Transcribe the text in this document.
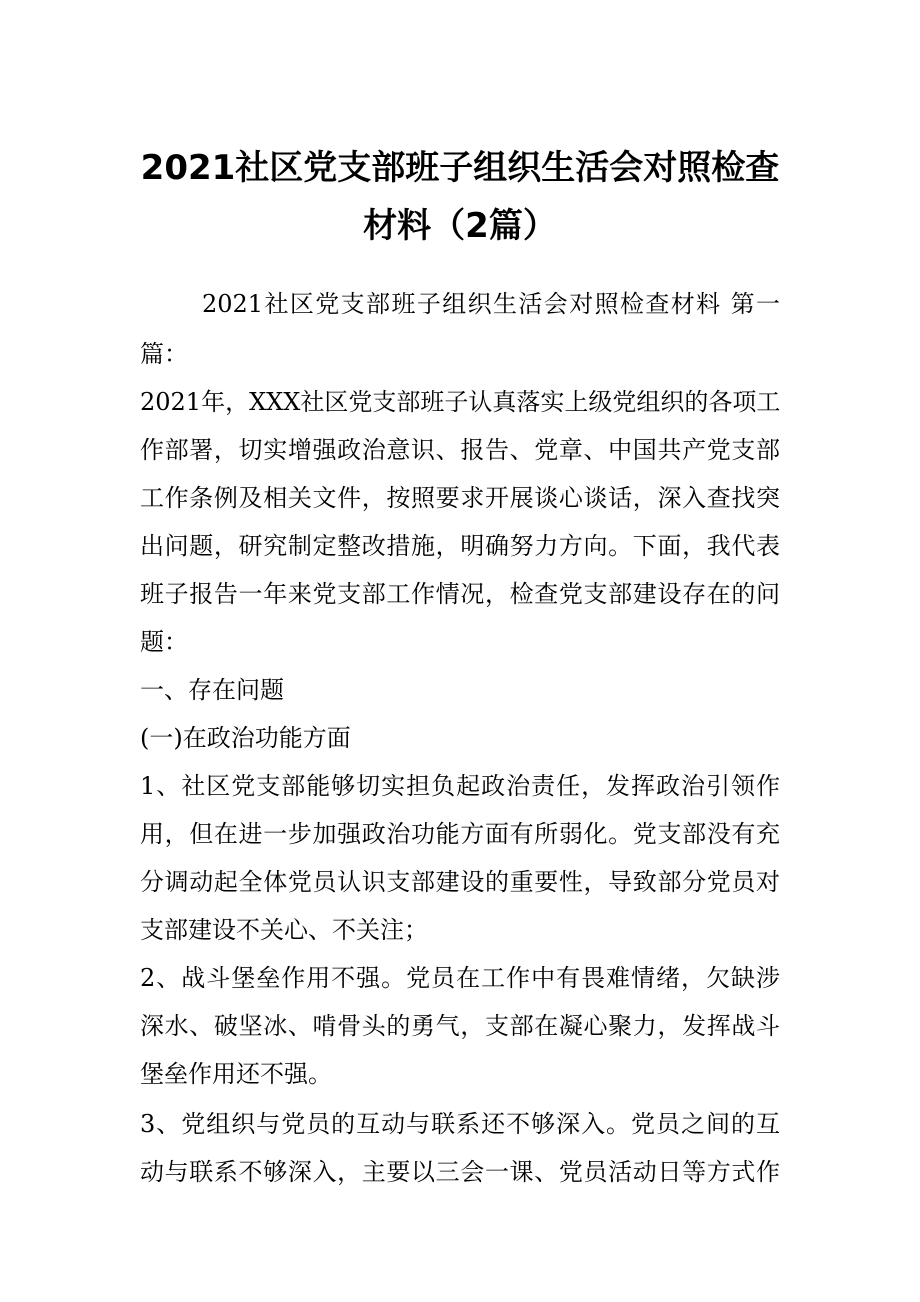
2021社区党支部班子组织生活会对照检查
材料（2篇）
2021社区党支部班子组织生活会对照检查材料 第一
篇：
2021年，XXX社区党支部班子认真落实上级党组织的各项工
作部署，切实增强政治意识、报告、党章、中国共产党支部
工作条例及相关文件，按照要求开展谈心谈话，深入查找突
出问题，研究制定整改措施，明确努力方向。下面，我代表
班子报告一年来党支部工作情况，检查党支部建设存在的问
题：
一、存在问题
(一)在政治功能方面
1、社区党支部能够切实担负起政治责任，发挥政治引领作
用，但在进一步加强政治功能方面有所弱化。党支部没有充
分调动起全体党员认识支部建设的重要性，导致部分党员对
支部建设不关心、不关注；
2、战斗堡垒作用不强。党员在工作中有畏难情绪，欠缺涉
深水、破坚冰、啃骨头的勇气，支部在凝心聚力，发挥战斗
堡垒作用还不强。
3、党组织与党员的互动与联系还不够深入。党员之间的互
动与联系不够深入，主要以三会一课、党员活动日等方式作
